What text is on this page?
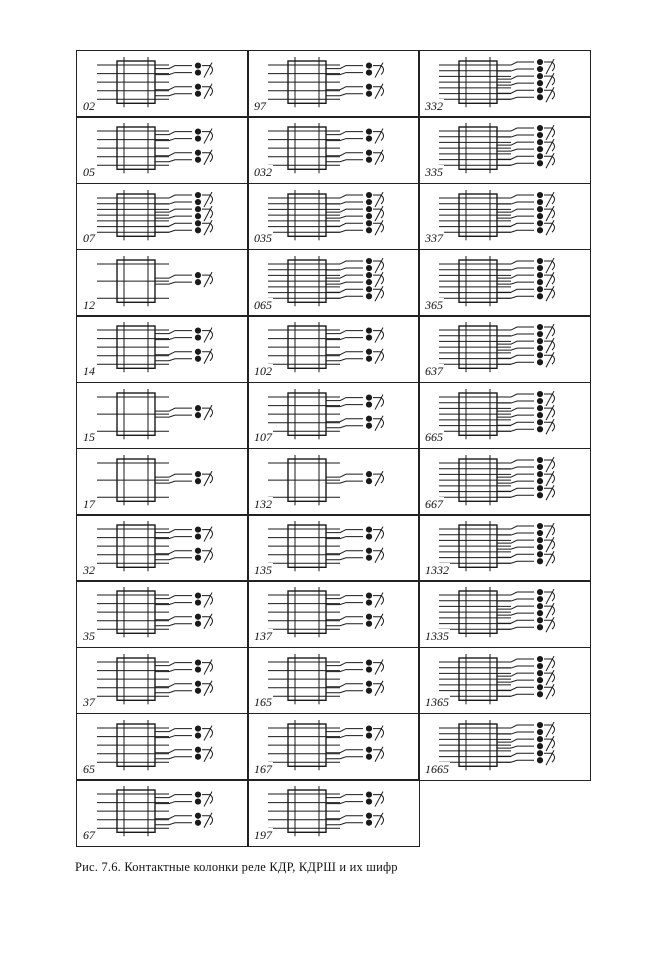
02
05
07
12
14
15
17
32
35
37
65
67
97
032
035
065
102
107
132
135
137
165
167
197
332
335
337
365
637
665
667
1332
1335
1365
1665
Рис. 7.6. Контактные колонки реле КДР, КДРШ и их шифр
